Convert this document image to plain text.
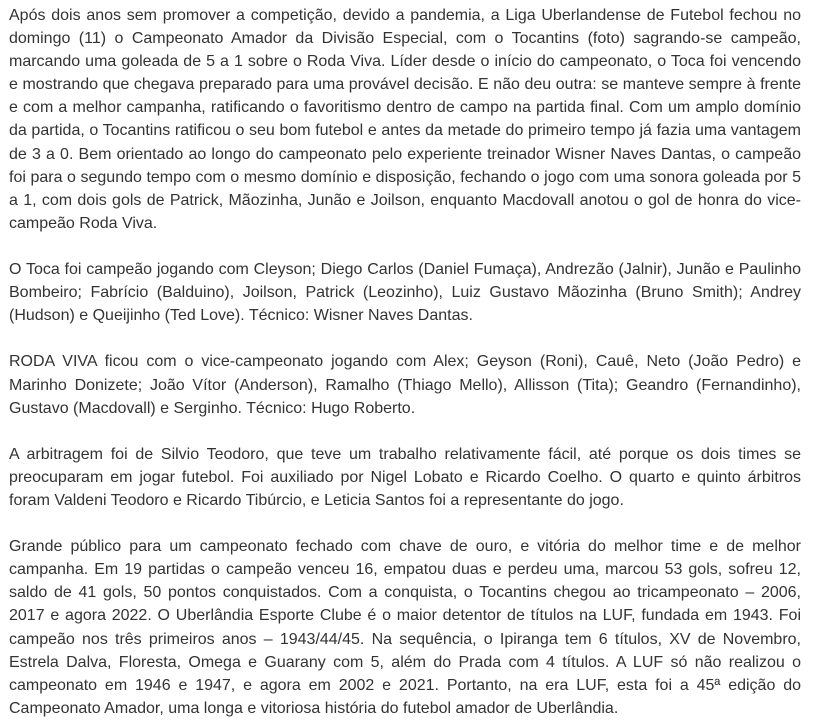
Após dois anos sem promover a competição, devido a pandemia, a Liga Uberlandense de Futebol fechou no domingo (11) o Campeonato Amador da Divisão Especial, com o Tocantins (foto) sagrando-se campeão, marcando uma goleada de 5 a 1 sobre o Roda Viva. Líder desde o início do campeonato, o Toca foi vencendo e mostrando que chegava preparado para uma provável decisão. E não deu outra: se manteve sempre à frente e com a melhor campanha, ratificando o favoritismo dentro de campo na partida final. Com um amplo domínio da partida, o Tocantins ratificou o seu bom futebol e antes da metade do primeiro tempo já fazia uma vantagem de 3 a 0. Bem orientado ao longo do campeonato pelo experiente treinador Wisner Naves Dantas, o campeão foi para o segundo tempo com o mesmo domínio e disposição, fechando o jogo com uma sonora goleada por 5 a 1, com dois gols de Patrick, Mãozinha, Junão e Joilson, enquanto Macdovall anotou o gol de honra do vice-campeão Roda Viva.

O Toca foi campeão jogando com Cleyson; Diego Carlos (Daniel Fumaça), Andrezão (Jalnir), Junão e Paulinho Bombeiro; Fabrício (Balduino), Joilson, Patrick (Leozinho), Luiz Gustavo Mãozinha (Bruno Smith); Andrey (Hudson) e Queijinho (Ted Love). Técnico: Wisner Naves Dantas.

RODA VIVA ficou com o vice-campeonato jogando com Alex; Geyson (Roni), Cauê, Neto (João Pedro) e Marinho Donizete; João Vítor (Anderson), Ramalho (Thiago Mello), Allisson (Tita); Geandro (Fernandinho), Gustavo (Macdovall) e Serginho. Técnico: Hugo Roberto.

A arbitragem foi de Silvio Teodoro, que teve um trabalho relativamente fácil, até porque os dois times se preocuparam em jogar futebol. Foi auxiliado por Nigel Lobato e Ricardo Coelho. O quarto e quinto árbitros foram Valdeni Teodoro e Ricardo Tibúrcio, e Leticia Santos foi a representante do jogo.

Grande público para um campeonato fechado com chave de ouro, e vitória do melhor time e de melhor campanha. Em 19 partidas o campeão venceu 16, empatou duas e perdeu uma, marcou 53 gols, sofreu 12, saldo de 41 gols, 50 pontos conquistados. Com a conquista, o Tocantins chegou ao tricampeonato – 2006, 2017 e agora 2022. O Uberlândia Esporte Clube é o maior detentor de títulos na LUF, fundada em 1943. Foi campeão nos três primeiros anos – 1943/44/45. Na sequência, o Ipiranga tem 6 títulos, XV de Novembro, Estrela Dalva, Floresta, Omega e Guarany com 5, além do Prada com 4 títulos. A LUF só não realizou o campeonato em 1946 e 1947, e agora em 2002 e 2021. Portanto, na era LUF, esta foi a 45ª edição do Campeonato Amador, uma longa e vitoriosa história do futebol amador de Uberlândia.
